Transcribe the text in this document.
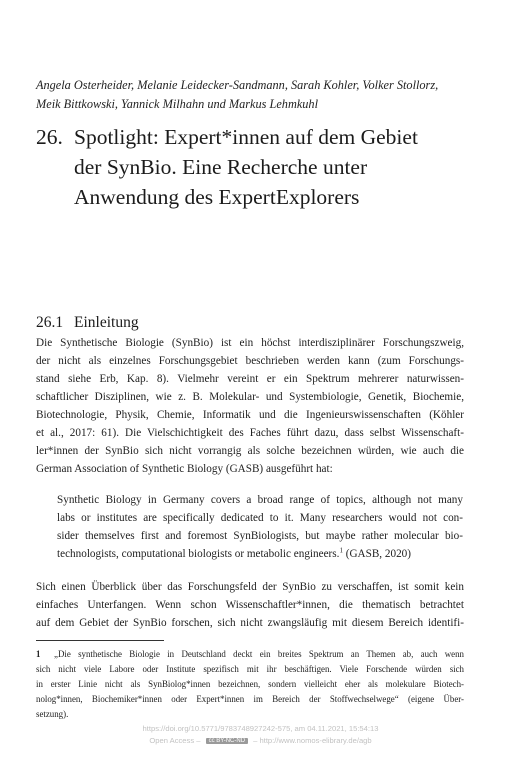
Angela Osterheider, Melanie Leidecker-Sandmann, Sarah Kohler, Volker Stollorz,
Meik Bittkowski, Yannick Milhahn und Markus Lehmkuhl
26. Spotlight: Expert*innen auf dem Gebiet
der SynBio. Eine Recherche unter
Anwendung des ExpertExplorers
26.1 Einleitung
Die Synthetische Biologie (SynBio) ist ein höchst interdisziplinärer Forschungszweig,
der nicht als einzelnes Forschungsgebiet beschrieben werden kann (zum Forschungs-
stand siehe Erb, Kap. 8). Vielmehr vereint er ein Spektrum mehrerer naturwissen-
schaftlicher Disziplinen, wie z. B. Molekular- und Systembiologie, Genetik, Biochemie,
Biotechnologie, Physik, Chemie, Informatik und die Ingenieurswissenschaften (Köhler
et al., 2017: 61). Die Vielschichtigkeit des Faches führt dazu, dass selbst Wissenschaft-
ler*innen der SynBio sich nicht vorrangig als solche bezeichnen würden, wie auch die
German Association of Synthetic Biology (GASB) ausgeführt hat:
Synthetic Biology in Germany covers a broad range of topics, although not many
labs or institutes are specifically dedicated to it. Many researchers would not con-
sider themselves first and foremost SynBiologists, but maybe rather molecular bio-
technologists, computational biologists or metabolic engineers.$^1$ (GASB, 2020)
Sich einen Überblick über das Forschungsfeld der SynBio zu verschaffen, ist somit kein
einfaches Unterfangen. Wenn schon Wissenschaftler*innen, die thematisch betrachtet
auf dem Gebiet der SynBio forschen, sich nicht zwangsläufig mit diesem Bereich identifi-
1 „Die synthetische Biologie in Deutschland deckt ein breites Spektrum an Themen ab, auch wenn
sich nicht viele Labore oder Institute spezifisch mit ihr beschäftigen. Viele Forschende würden sich
in erster Linie nicht als SynBiolog*innen bezeichnen, sondern vielleicht eher als molekulare Biotech-
nolog*innen, Biochemiker*innen oder Expert*innen im Bereich der Stoffwechselwege“ (eigene Über-
setzung).
https://doi.org/10.5771/9783748927242-575, am 04.11.2021, 15:54:13
Open Access – cc BY-NC-ND – http://www.nomos-elibrary.de/agb
